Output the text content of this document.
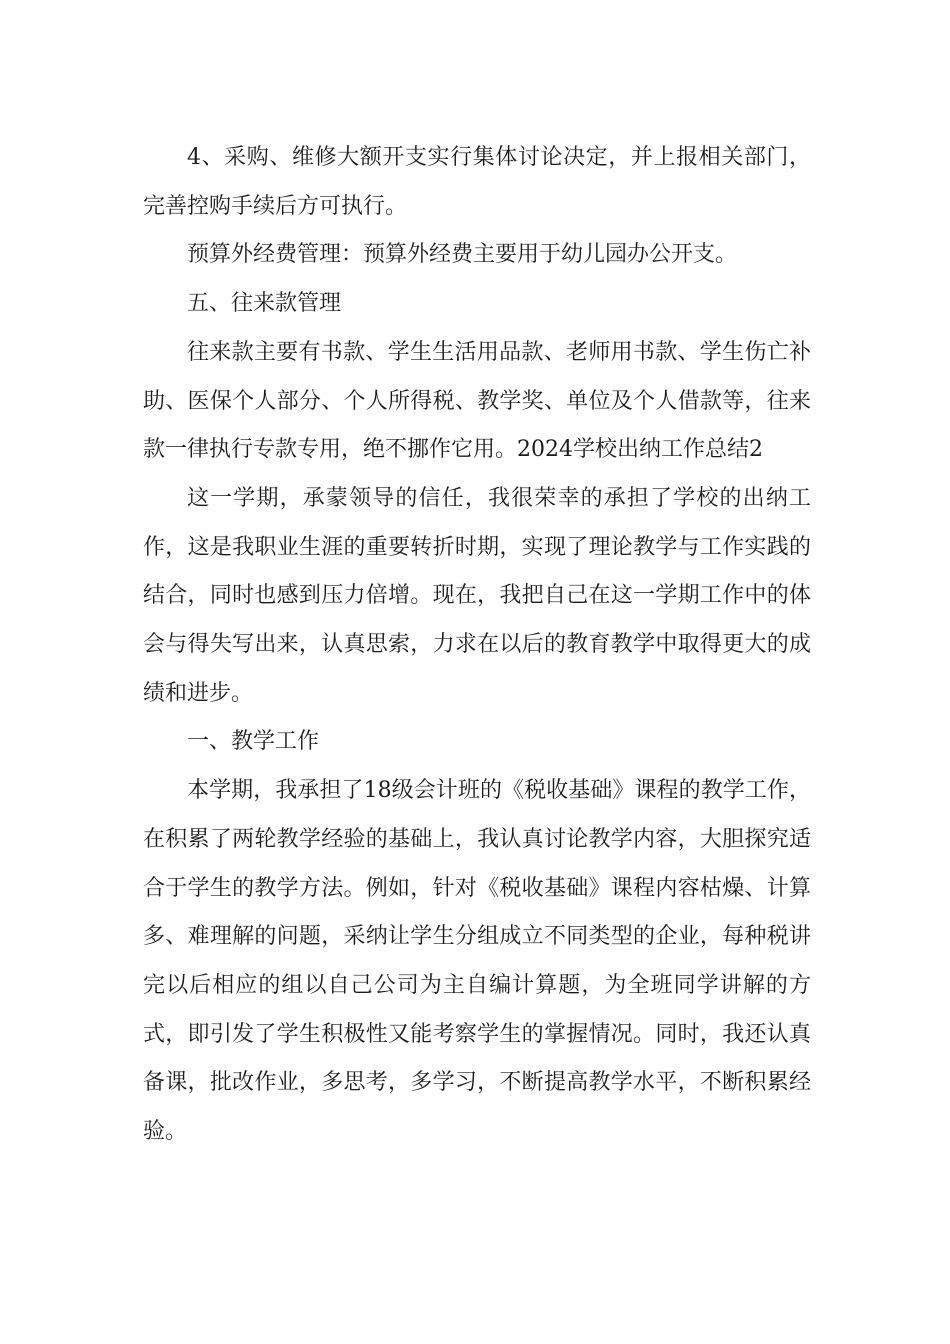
4、采购、维修大额开支实行集体讨论决定，并上报相关部门，完善控购手续后方可执行。

预算外经费管理：预算外经费主要用于幼儿园办公开支。

五、往来款管理

往来款主要有书款、学生生活用品款、老师用书款、学生伤亡补助、医保个人部分、个人所得税、教学奖、单位及个人借款等，往来款一律执行专款专用，绝不挪作它用。2024学校出纳工作总结2

这一学期，承蒙领导的信任，我很荣幸的承担了学校的出纳工作，这是我职业生涯的重要转折时期，实现了理论教学与工作实践的结合，同时也感到压力倍增。现在，我把自己在这一学期工作中的体会与得失写出来，认真思索，力求在以后的教育教学中取得更大的成绩和进步。

一、教学工作

本学期，我承担了18级会计班的《税收基础》课程的教学工作，在积累了两轮教学经验的基础上，我认真讨论教学内容，大胆探究适合于学生的教学方法。例如，针对《税收基础》课程内容枯燥、计算多、难理解的问题，采纳让学生分组成立不同类型的企业，每种税讲完以后相应的组以自己公司为主自编计算题，为全班同学讲解的方式，即引发了学生积极性又能考察学生的掌握情况。同时，我还认真备课，批改作业，多思考，多学习，不断提高教学水平，不断积累经验。
